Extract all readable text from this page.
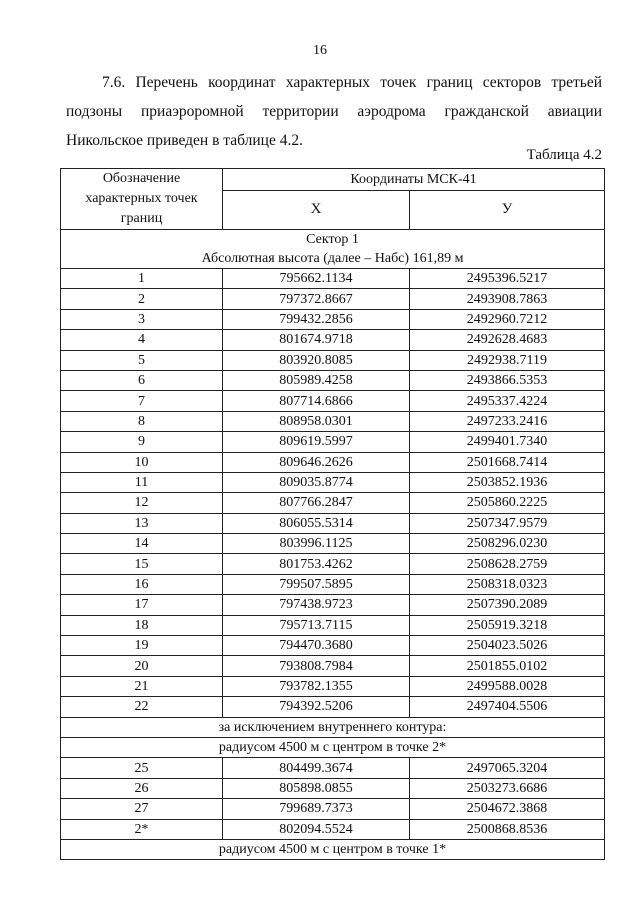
16

7.6. Перечень координат характерных точек границ секторов третьей подзоны приаэроромной территории аэродрома гражданской авиации Никольское приведен в таблице 4.2.

Таблица 4.2
Обозначение
характерных точек
границ	Координаты МСК-41	
	X	У

Сектор 1
Абсолютная высота (далее – Набс) 161,89 м		

1	795662.1134	2495396.5217
2	797372.8667	2493908.7863
3	799432.2856	2492960.7212
4	801674.9718	2492628.4683
5	803920.8085	2492938.7119
6	805989.4258	2493866.5353
7	807714.6866	2495337.4224
8	808958.0301	2497233.2416
9	809619.5997	2499401.7340
10	809646.2626	2501668.7414
11	809035.8774	2503852.1936
12	807766.2847	2505860.2225
13	806055.5314	2507347.9579
14	803996.1125	2508296.0230
15	801753.4262	2508628.2759
16	799507.5895	2508318.0323
17	797438.9723	2507390.2089
18	795713.7115	2505919.3218
19	794470.3680	2504023.5026
20	793808.7984	2501855.0102
21	793782.1355	2499588.0028
22	794392.5206	2497404.5506
за исключением внутреннего контура:		
радиусом 4500 м с центром в точке 2*		
25	804499.3674	2497065.3204
26	805898.0855	2503273.6686
27	799689.7373	2504672.3868
2*	802094.5524	2500868.8536
радиусом 4500 м с центром в точке 1*		
